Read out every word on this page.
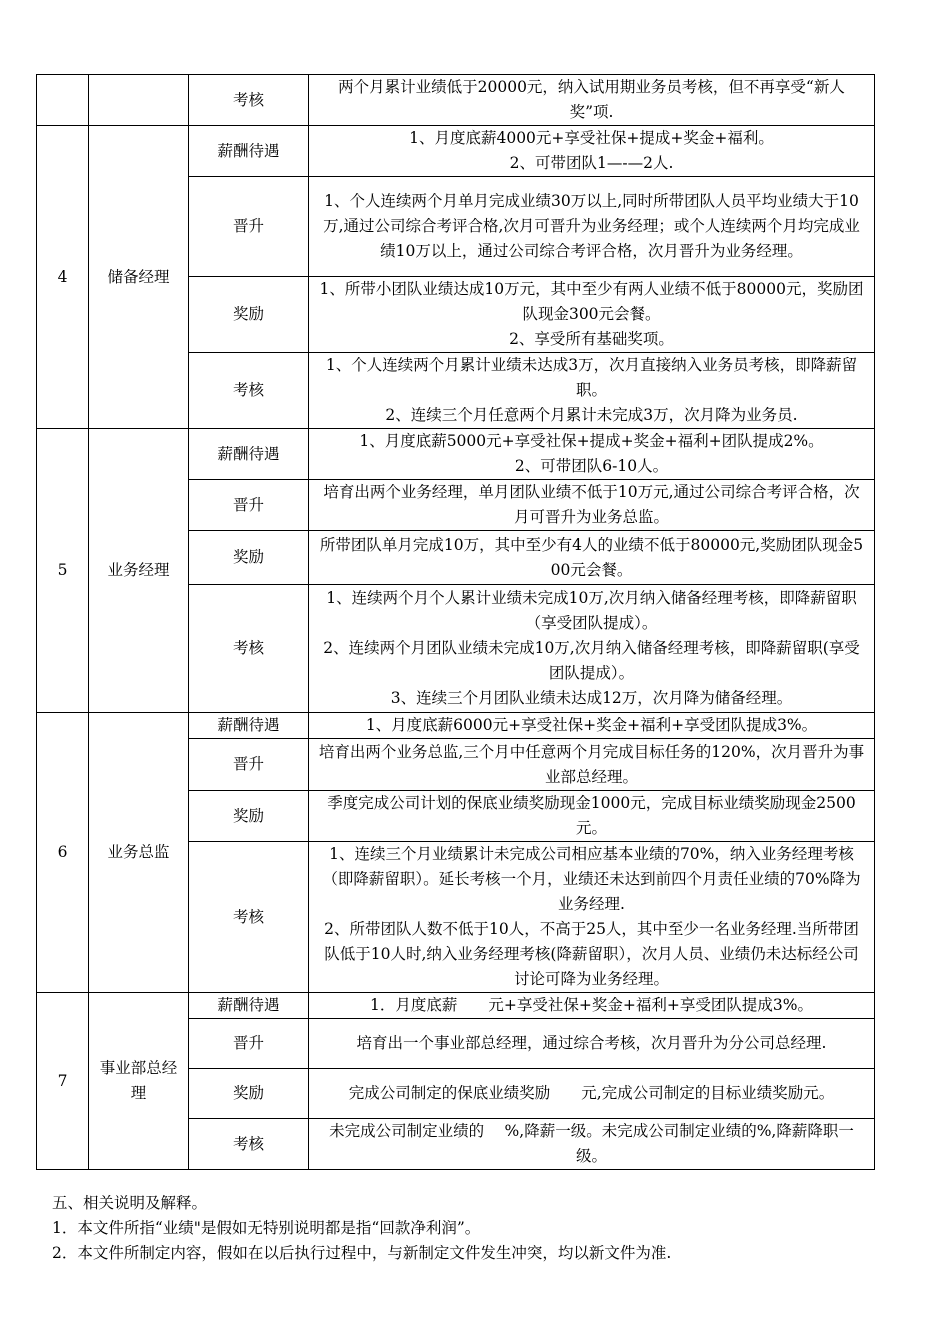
		考核	两个月累计业绩低于20000元，纳入试用期业务员考核，但不再享受“新人奖”项.

4	储备经理	薪酬待遇	1、月度底薪4000元+享受社保+提成+奖金+福利。
2、可带团队1—-—2人.

		晋升	1、个人连续两个月单月完成业绩30万以上,同时所带团队人员平均业绩大于10万,通过公司综合考评合格,次月可晋升为业务经理；或个人连续两个月均完成业绩10万以上，通过公司综合考评合格，次月晋升为业务经理。

		奖励	1、所带小团队业绩达成10万元，其中至少有两人业绩不低于80000元，奖励团队现金300元会餐。
2、享受所有基础奖项。

		考核	1、个人连续两个月累计业绩未达成3万，次月直接纳入业务员考核，即降薪留职。
2、连续三个月任意两个月累计未完成3万，次月降为业务员.

5	业务经理	薪酬待遇	1、月度底薪5000元+享受社保+提成+奖金+福利+团队提成2%。
2、可带团队6-10人。

		晋升	培育出两个业务经理，单月团队业绩不低于10万元,通过公司综合考评合格，次月可晋升为业务总监。

		奖励	所带团队单月完成10万，其中至少有4人的业绩不低于80000元,奖励团队现金500元会餐。

		考核	1、连续两个月个人累计业绩未完成10万,次月纳入储备经理考核，即降薪留职（享受团队提成）。
2、连续两个月团队业绩未完成10万,次月纳入储备经理考核，即降薪留职(享受团队提成）。
3、连续三个月团队业绩未达成12万，次月降为储备经理。

6	业务总监	薪酬待遇	1、月度底薪6000元+享受社保+奖金+福利+享受团队提成3%。

		晋升	培育出两个业务总监,三个月中任意两个月完成目标任务的120%，次月晋升为事业部总经理。

		奖励	季度完成公司计划的保底业绩奖励现金1000元，完成目标业绩奖励现金2500元。

		考核	1、连续三个月业绩累计未完成公司相应基本业绩的70%，纳入业务经理考核（即降薪留职）。延长考核一个月，业绩还未达到前四个月责任业绩的70%降为业务经理.
2、所带团队人数不低于10人，不高于25人，其中至少一名业务经理.当所带团队低于10人时,纳入业务经理考核(降薪留职），次月人员、业绩仍未达标经公司讨论可降为业务经理。

7	事业部总经理	薪酬待遇	1．月度底薪　　元+享受社保+奖金+福利+享受团队提成3%。

		晋升	培育出一个事业部总经理，通过综合考核，次月晋升为分公司总经理.

		奖励	完成公司制定的保底业绩奖励　　元,完成公司制定的目标业绩奖励元。

		考核	未完成公司制定业绩的　 %,降薪一级。未完成公司制定业绩的%,降薪降职一级。

五、相关说明及解释。

1．本文件所指“业绩"是假如无特别说明都是指“回款净利润”。

2．本文件所制定内容，假如在以后执行过程中，与新制定文件发生冲突，均以新文件为准.
